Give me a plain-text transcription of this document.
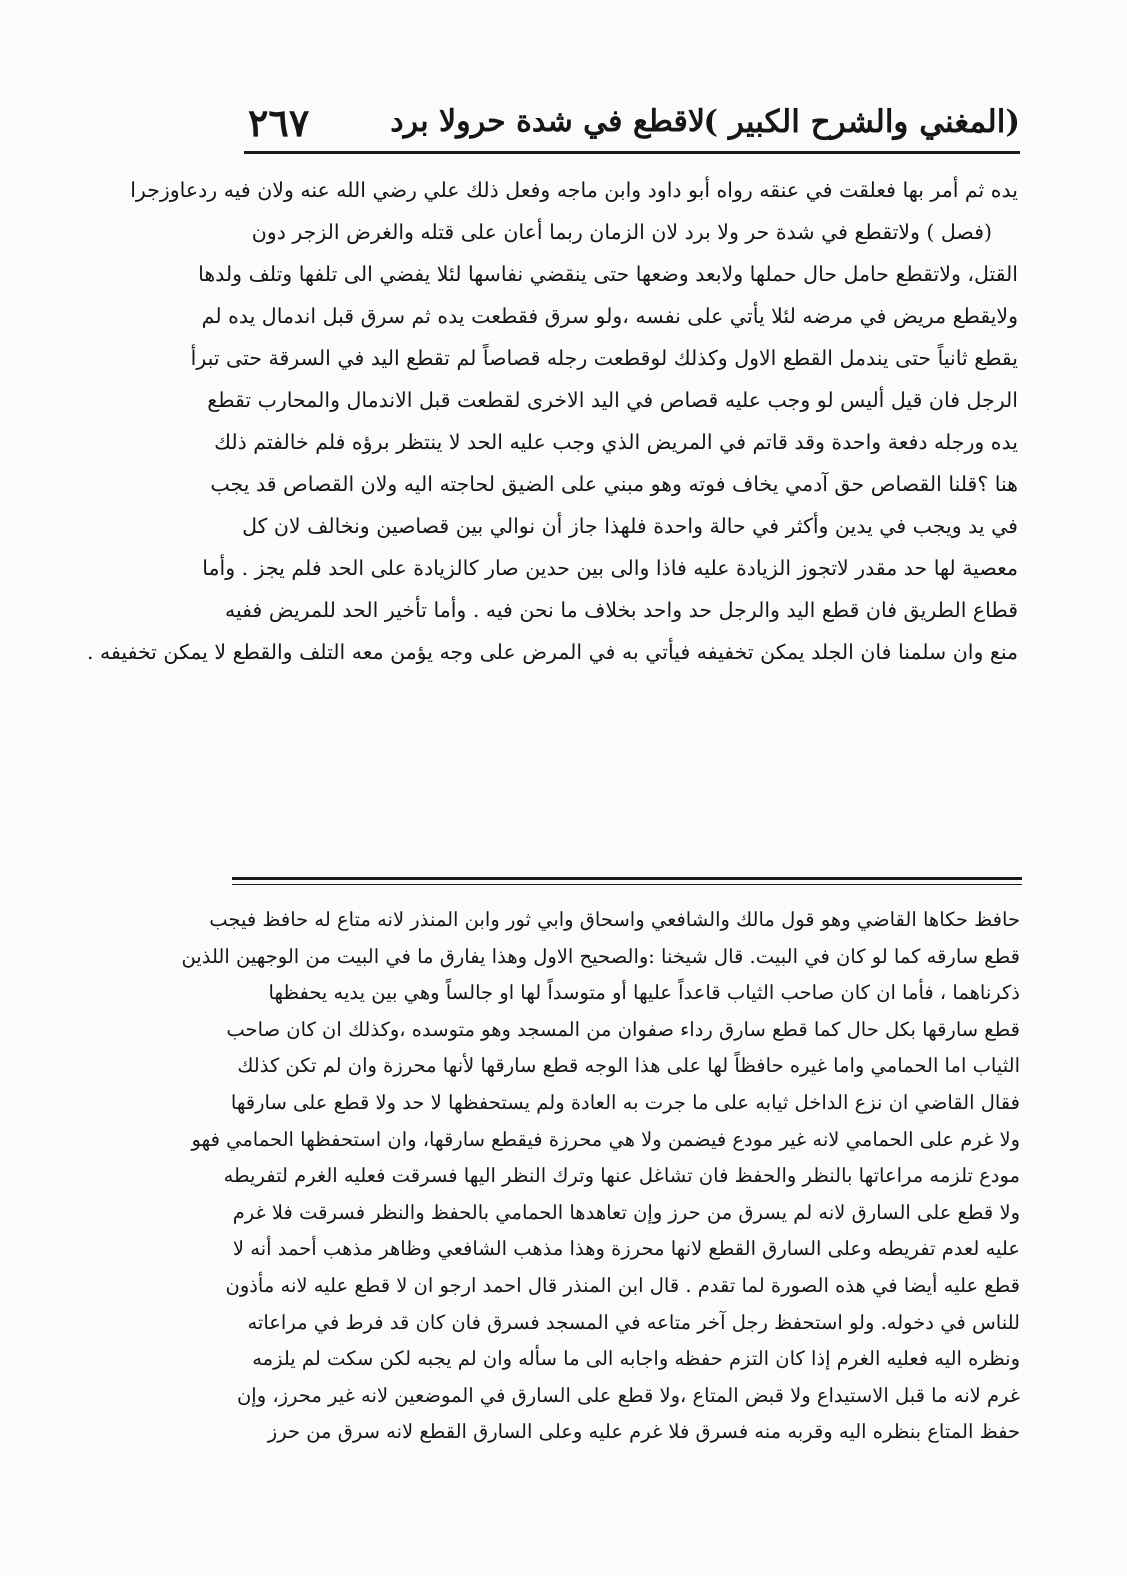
(المغني والشرح الكبير )
لاقطع في شدة حرولا برد
٢٦٧
يده ثم أمر بها فعلقت في عنقه رواه أبو داود وابن ماجه وفعل ذلك علي رضي الله عنه ولان فيه ردعاوزجرا
(فصل ) ولاتقطع في شدة حر ولا برد لان الزمان ربما أعان على قتله والغرض الزجر دون
القتل، ولاتقطع حامل حال حملها ولابعد وضعها حتى ينقضي نفاسها لئلا يفضي الى تلفها وتلف ولدها
ولايقطع مريض في مرضه لئلا يأتي على نفسه ،ولو سرق فقطعت يده ثم سرق قبل اندمال يده لم
يقطع ثانياً حتى يندمل القطع الاول وكذلك لوقطعت رجله قصاصاً لم تقطع اليد في السرقة حتى تبرأ
الرجل فان قيل أليس لو وجب عليه قصاص في اليد الاخرى لقطعت قبل الاندمال والمحارب تقطع
يده ورجله دفعة واحدة وقد قاتم في المريض الذي وجب عليه الحد لا ينتظر برؤه فلم خالفتم ذلك
هنا ؟قلنا القصاص حق آدمي يخاف فوته وهو مبني على الضيق لحاجته اليه ولان القصاص قد يجب
في يد ويجب في يدين وأكثر في حالة واحدة فلهذا جاز أن نوالي بين قصاصين ونخالف لان كل
معصية لها حد مقدر لاتجوز الزيادة عليه فاذا والى بين حدين صار كالزيادة على الحد فلم يجز . وأما
قطاع الطريق فان قطع اليد والرجل حد واحد بخلاف ما نحن فيه . وأما تأخير الحد للمريض ففيه
منع وان سلمنا فان الجلد يمكن تخفيفه فيأتي به في المرض على وجه يؤمن معه التلف والقطع لا يمكن تخفيفه .
حافظ حكاها القاضي وهو قول مالك والشافعي واسحاق وابي ثور وابن المنذر لانه متاع له حافظ فيجب
قطع سارقه كما لو كان في البيت. قال شيخنا :والصحيح الاول وهذا يفارق ما في البيت من الوجهين اللذين
ذكرناهما ، فأما ان كان صاحب الثياب قاعداً عليها أو متوسداً لها او جالساً وهي بين يديه يحفظها
قطع سارقها بكل حال كما قطع سارق رداء صفوان من المسجد وهو متوسده ،وكذلك ان كان صاحب
الثياب اما الحمامي واما غيره حافظاً لها على هذا الوجه قطع سارقها لأنها محرزة وان لم تكن كذلك
فقال القاضي ان نزع الداخل ثيابه على ما جرت به العادة ولم يستحفظها لا حد ولا قطع على سارقها
ولا غرم على الحمامي لانه غير مودع فيضمن ولا هي محرزة فيقطع سارقها، وان استحفظها الحمامي فهو
مودع تلزمه مراعاتها بالنظر والحفظ فان تشاغل عنها وترك النظر اليها فسرقت فعليه الغرم لتفريطه
ولا قطع على السارق لانه لم يسرق من حرز وإن تعاهدها الحمامي بالحفظ والنظر فسرقت فلا غرم
عليه لعدم تفريطه وعلى السارق القطع لانها محرزة وهذا مذهب الشافعي وظاهر مذهب أحمد أنه لا
قطع عليه أيضا في هذه الصورة لما تقدم . قال ابن المنذر قال احمد ارجو ان لا قطع عليه لانه مأذون
للناس في دخوله. ولو استحفظ رجل آخر متاعه في المسجد فسرق فان كان قد فرط في مراعاته
ونظره اليه فعليه الغرم إذا كان التزم حفظه واجابه الى ما سأله وان لم يجبه لكن سكت لم يلزمه
غرم لانه ما قبل الاستيداع ولا قبض المتاع ،ولا قطع على السارق في الموضعين لانه غير محرز، وإن
حفظ المتاع بنظره اليه وقربه منه فسرق فلا غرم عليه وعلى السارق القطع لانه سرق من حرز
